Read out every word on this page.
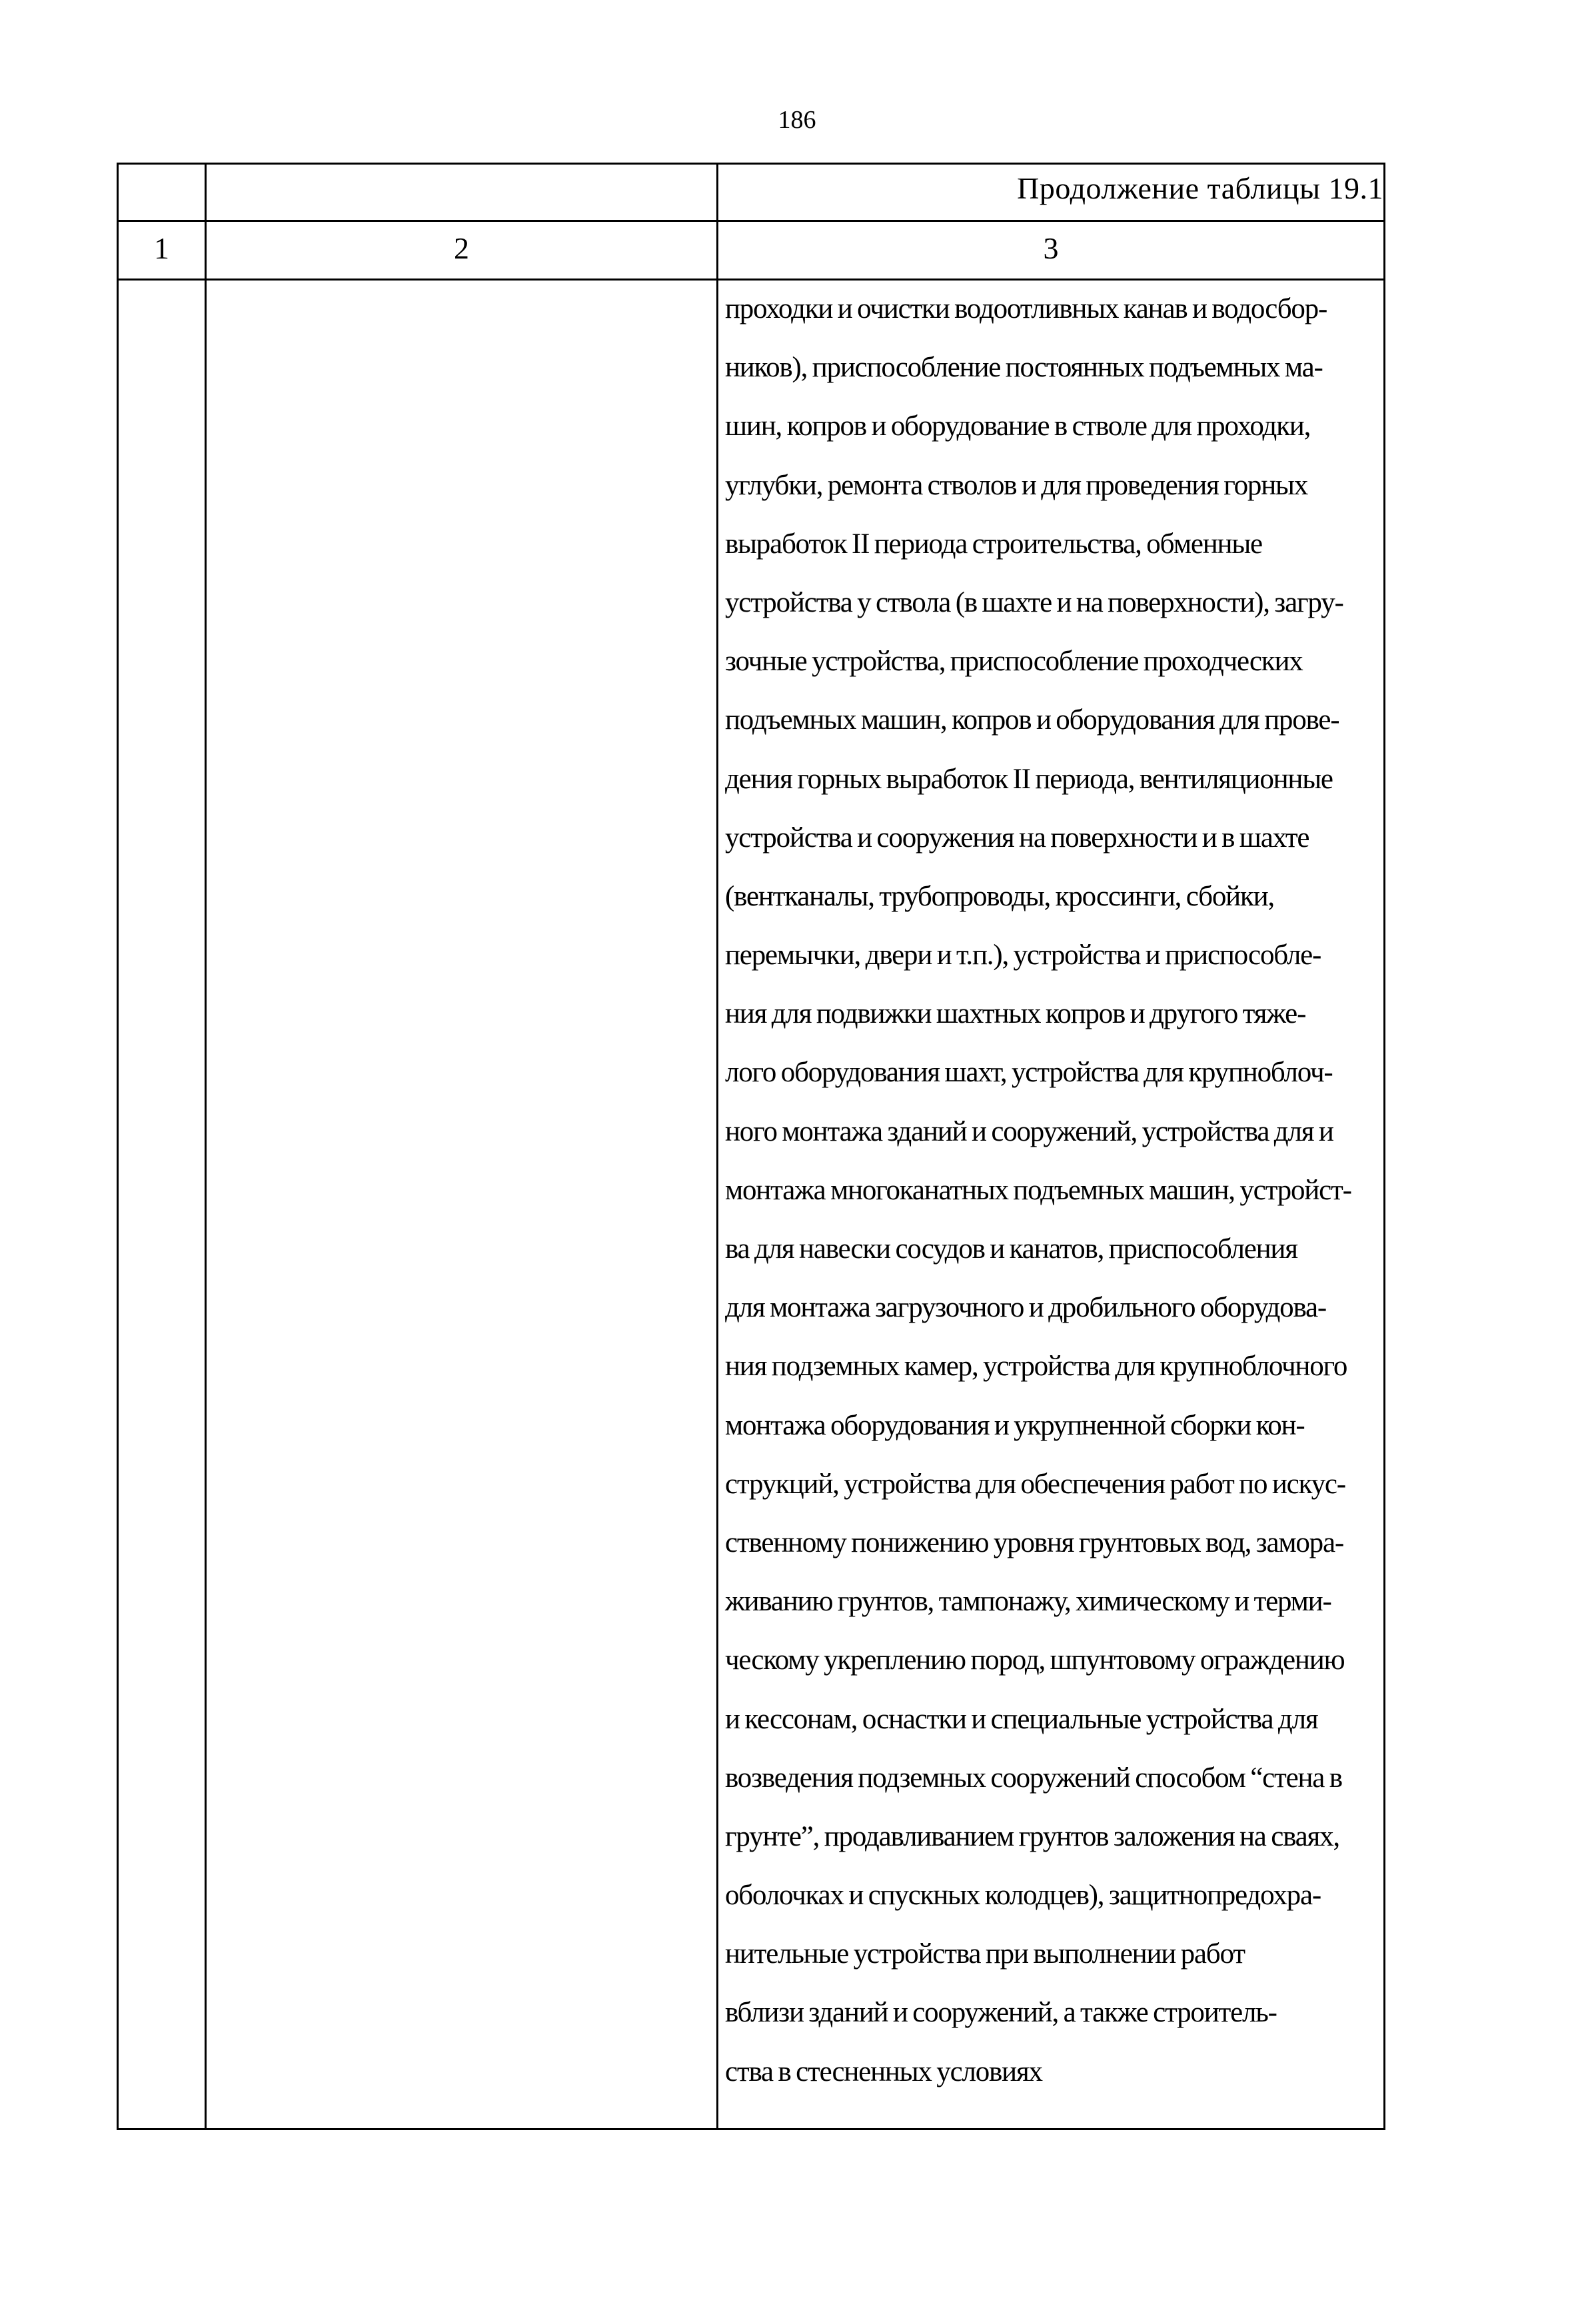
186
Продолжение таблицы 19.1
1	2	3
проходки и очистки водоотливных канав и водосбор-
ников), приспособление постоянных подъемных ма-
шин, копров и оборудование в стволе для проходки,
углубки, ремонта стволов и для проведения горных
выработок II периода строительства, обменные
устройства у ствола (в шахте и на поверхности), загру-
зочные устройства, приспособление проходческих
подъемных машин, копров и оборудования для прове-
дения горных выработок II периода, вентиляционные
устройства и сооружения на поверхности и в шахте
(вентканалы, трубопроводы, кроссинги, сбойки,
перемычки, двери и т.п.), устройства и приспособле-
ния для подвижки шахтных копров и другого тяже-
лого оборудования шахт, устройства для крупноблоч-
ного монтажа зданий и сооружений, устройства для и
монтажа многоканатных подъемных машин, устройст-
ва для навески сосудов и канатов, приспособления
для монтажа загрузочного и дробильного оборудова-
ния подземных камер, устройства для крупноблочного
монтажа оборудования и укрупненной сборки кон-
струкций, устройства для обеспечения работ по искус-
ственному понижению уровня грунтовых вод, замора-
живанию грунтов, тампонажу, химическому и терми-
ческому укреплению пород, шпунтовому ограждению
и кессонам, оснастки и специальные устройства для
возведения подземных сооружений способом “стена в
грунте”, продавливанием грунтов заложения на сваях,
оболочках и спускных колодцев), защитнопредохра-
нительные устройства при выполнении работ
вблизи зданий и сооружений, а также строитель-
ства в стесненных условиях
